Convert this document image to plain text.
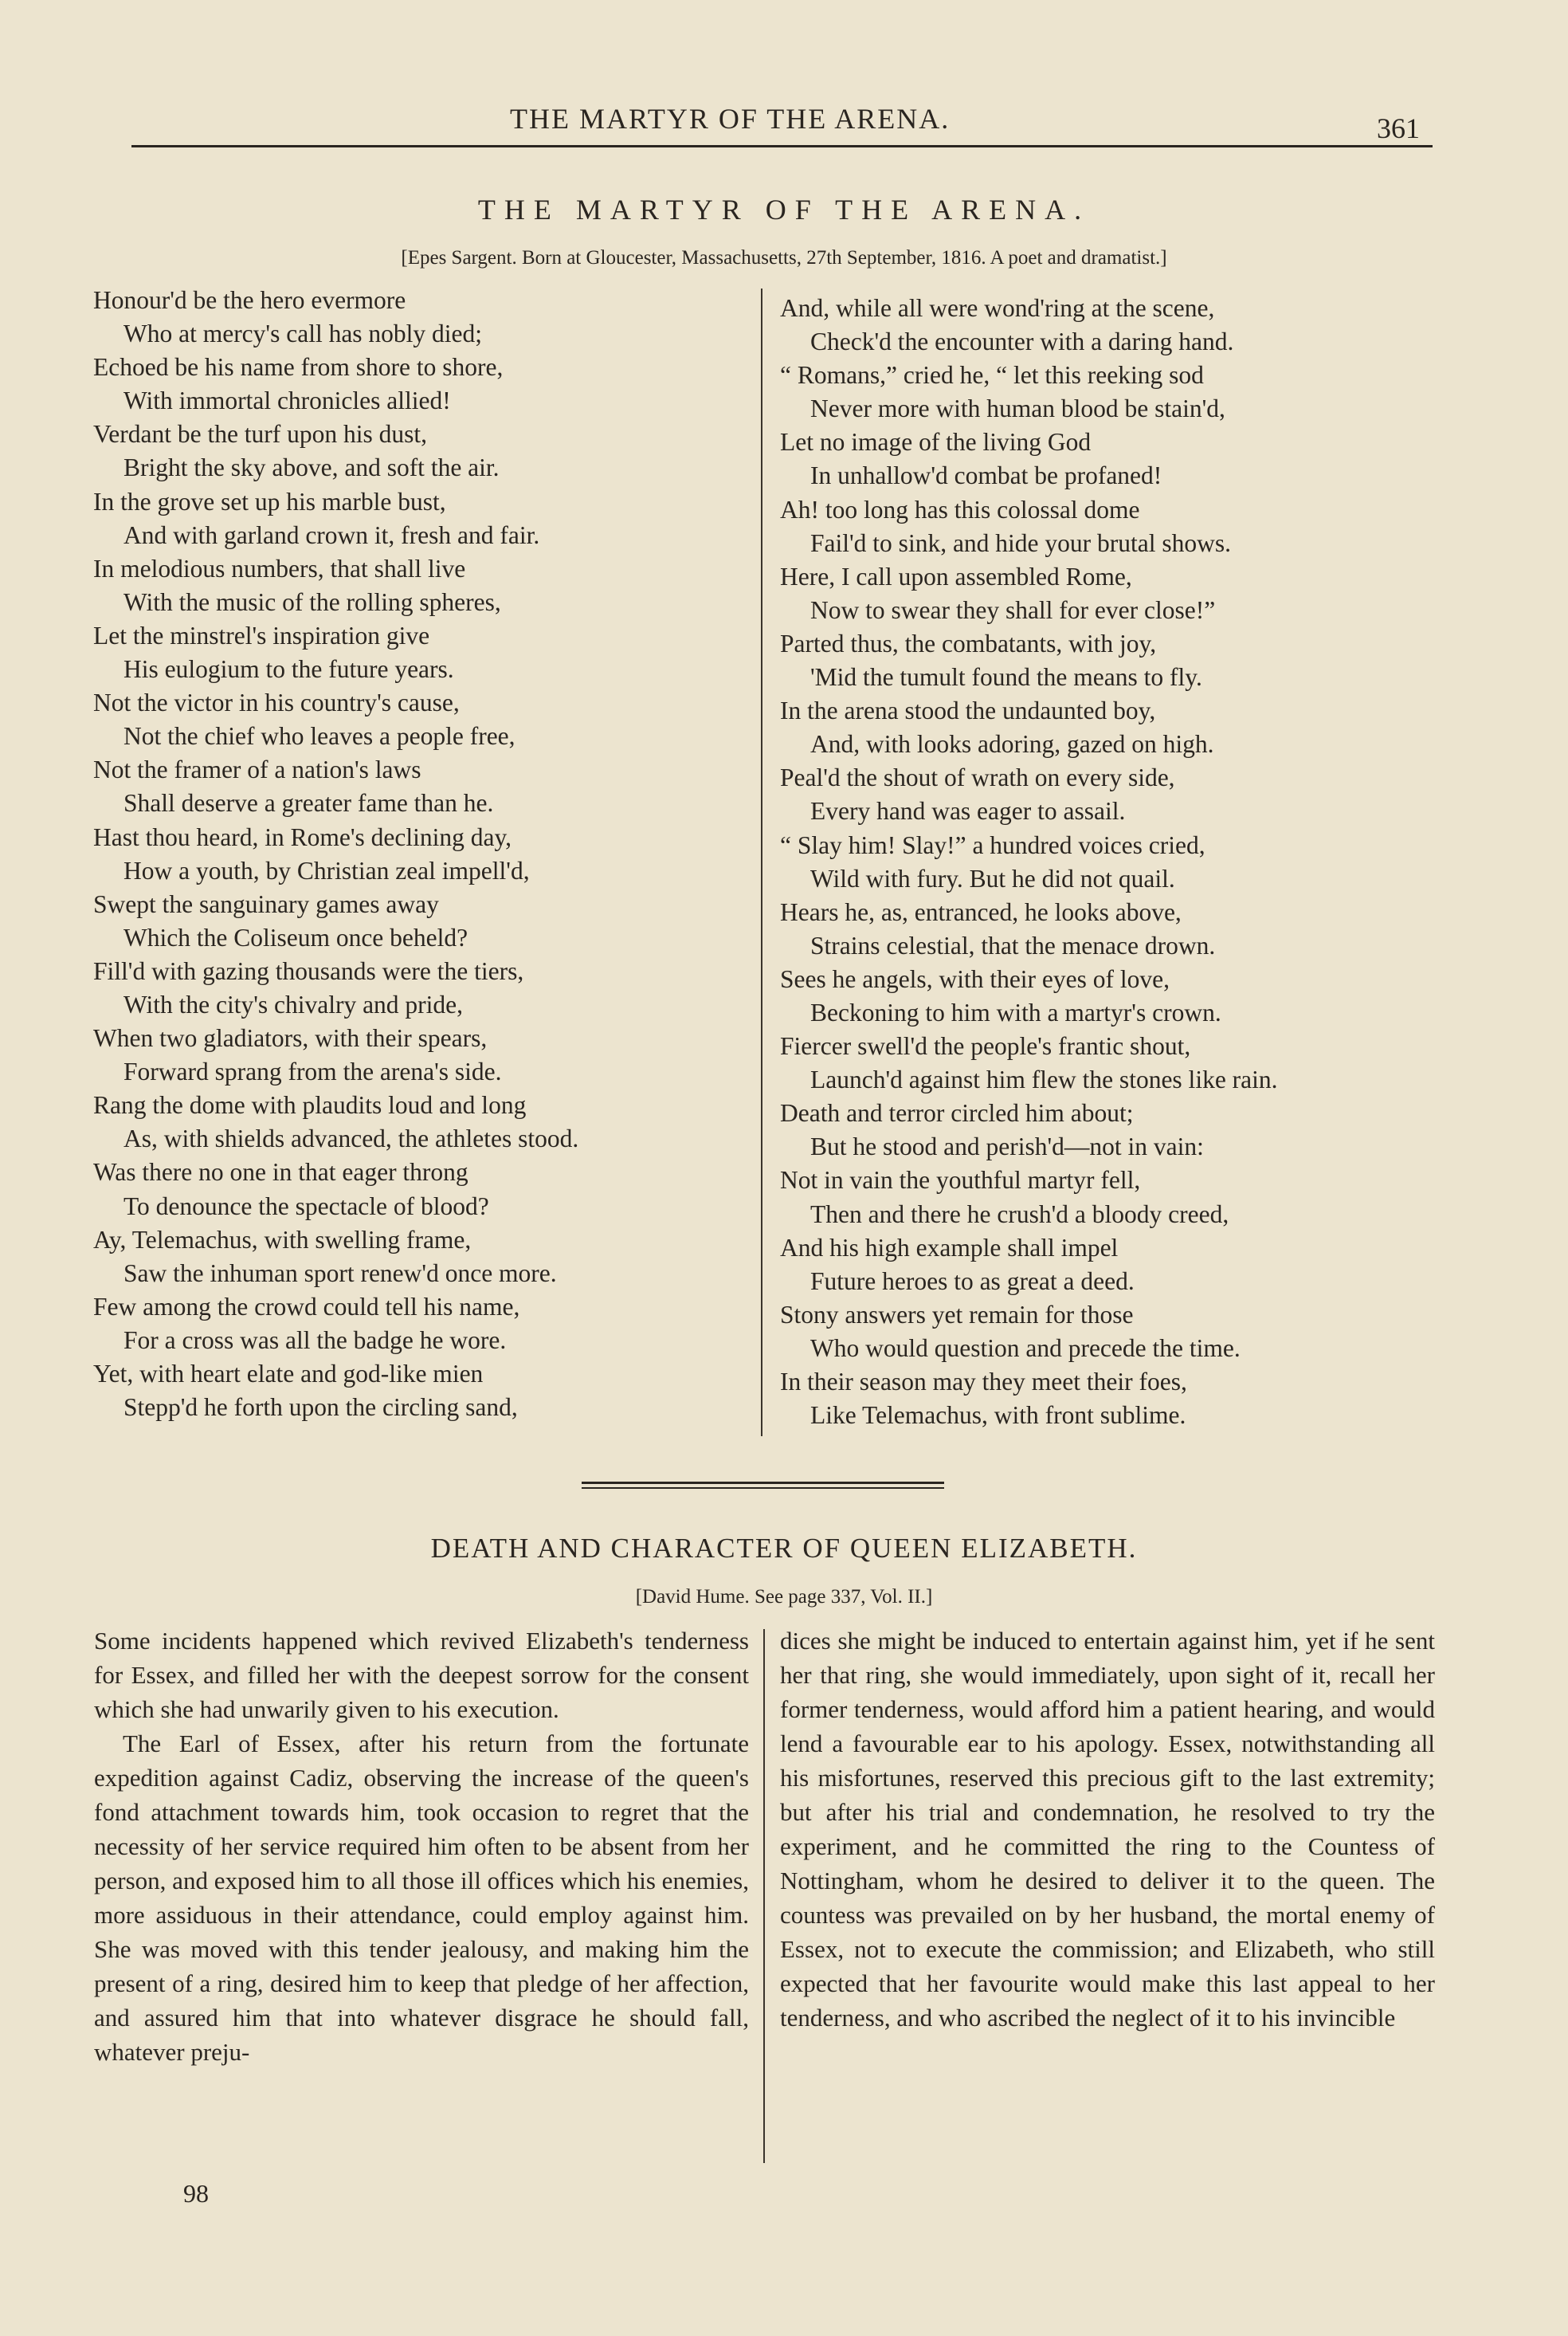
THE MARTYR OF THE ARENA.	361
THE MARTYR OF THE ARENA.
[Epes Sargent. Born at Gloucester, Massachusetts, 27th September, 1816. A poet and dramatist.]
Honour'd be the hero evermore
Who at mercy's call has nobly died;
Echoed be his name from shore to shore,
With immortal chronicles allied!
Verdant be the turf upon his dust,
Bright the sky above, and soft the air.
In the grove set up his marble bust,
And with garland crown it, fresh and fair.
In melodious numbers, that shall live
With the music of the rolling spheres,
Let the minstrel's inspiration give
His eulogium to the future years.
Not the victor in his country's cause,
Not the chief who leaves a people free,
Not the framer of a nation's laws
Shall deserve a greater fame than he.
Hast thou heard, in Rome's declining day,
How a youth, by Christian zeal impell'd,
Swept the sanguinary games away
Which the Coliseum once beheld?
Fill'd with gazing thousands were the tiers,
With the city's chivalry and pride,
When two gladiators, with their spears,
Forward sprang from the arena's side.
Rang the dome with plaudits loud and long
As, with shields advanced, the athletes stood.
Was there no one in that eager throng
To denounce the spectacle of blood?
Ay, Telemachus, with swelling frame,
Saw the inhuman sport renew'd once more.
Few among the crowd could tell his name,
For a cross was all the badge he wore.
Yet, with heart elate and god-like mien
Stepp'd he forth upon the circling sand,
And, while all were wond'ring at the scene,
Check'd the encounter with a daring hand.
“ Romans,” cried he, “ let this reeking sod
Never more with human blood be stain'd,
Let no image of the living God
In unhallow'd combat be profaned!
Ah! too long has this colossal dome
Fail'd to sink, and hide your brutal shows.
Here, I call upon assembled Rome,
Now to swear they shall for ever close!”
Parted thus, the combatants, with joy,
'Mid the tumult found the means to fly.
In the arena stood the undaunted boy,
And, with looks adoring, gazed on high.
Peal'd the shout of wrath on every side,
Every hand was eager to assail.
“ Slay him! Slay!” a hundred voices cried,
Wild with fury. But he did not quail.
Hears he, as, entranced, he looks above,
Strains celestial, that the menace drown.
Sees he angels, with their eyes of love,
Beckoning to him with a martyr's crown.
Fiercer swell'd the people's frantic shout,
Launch'd against him flew the stones like rain.
Death and terror circled him about;
But he stood and perish'd—not in vain:
Not in vain the youthful martyr fell,
Then and there he crush'd a bloody creed,
And his high example shall impel
Future heroes to as great a deed.
Stony answers yet remain for those
Who would question and precede the time.
In their season may they meet their foes,
Like Telemachus, with front sublime.
DEATH AND CHARACTER OF QUEEN ELIZABETH.
[David Hume. See page 337, Vol. II.]

Some incidents happened which revived Elizabeth's tenderness for Essex, and filled her with the deepest sorrow for the consent which she had unwarily given to his execution.

The Earl of Essex, after his return from the fortunate expedition against Cadiz, observing the increase of the queen's fond attachment towards him, took occasion to regret that the necessity of her service required him often to be absent from her person, and exposed him to all those ill offices which his enemies, more assiduous in their attendance, could employ against him. She was moved with this tender jealousy, and making him the present of a ring, desired him to keep that pledge of her affection, and assured him that into whatever disgrace he should fall, whatever preju-

dices she might be induced to entertain against him, yet if he sent her that ring, she would immediately, upon sight of it, recall her former tenderness, would afford him a patient hearing, and would lend a favourable ear to his apology. Essex, notwithstanding all his misfortunes, reserved this precious gift to the last extremity; but after his trial and condemnation, he resolved to try the experiment, and he committed the ring to the Countess of Nottingham, whom he desired to deliver it to the queen. The countess was prevailed on by her husband, the mortal enemy of Essex, not to execute the commission; and Elizabeth, who still expected that her favourite would make this last appeal to her tenderness, and who ascribed the neglect of it to his invincible

98
